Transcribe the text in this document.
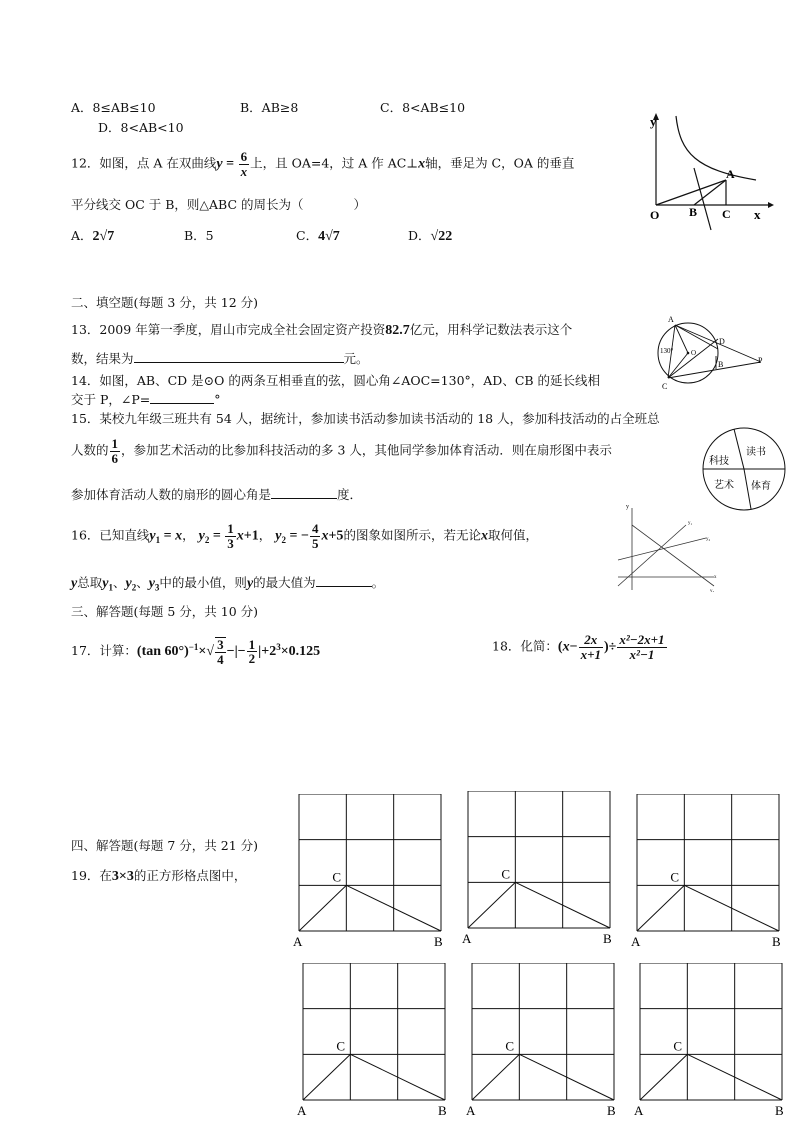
A．8≤AB≤10	B．AB≥8	C．8<AB≤10
D．8<AB<10
12．如图，点 A 在双曲线$y = \frac{6}{x}$ 上，且 OA=4，过 A 作 AC⊥x轴，垂足为 C，OA 的垂直
平分线交 OC 于 B，则△ABC 的周长为（　　　　）
A．2√7	B．5	C．4√7	D．√22
y
x
O
A
B C
二、填空题(每题 3 分，共 12 分)
13．2009 年第一季度，眉山市完成全社会固定资产投资82.7亿元，用科学记数法表示这个
数，结果为	元。
A
D
B
C
P
O
130°
14．如图，AB、CD 是⊙O 的两条互相垂直的弦，圆心角∠AOC=130°，AD、CB 的延长线相
交于 P，∠P=	°
15．某校九年级三班共有 54 人，据统计，参加读书活动参加读书活动的 18 人，参加科技活动的占全班总
人数的 $\frac{1}{6}$ ，参加艺术活动的比参加科技活动的多 3 人，其他同学参加体育活动．则在扇形图中表示
参加体育活动人数的扇形的圆心角是	度．
读书
科技
艺术 体育
16．已知直线$y_1 = x$， $y_2 = \frac{1}{3} x+1$， $y_2$ = − $\frac{4}{5} x+5$的图象如图所示，若无论x取何值，
y总取$y_1$、$y_2$、$y_3$中的最小值，则y的最大值为	。
y
y₁
y₂
y₃
x
三、解答题(每题 5 分，共 10 分)
17．计算：(tan $60^\circ)^{-1}\times√ \frac{3}{4}$ −|− $\frac{1}{2} |+2^3\times 0.125$	18．化简：($x- \frac{2x}{x+1}$ )÷ $\frac{\text{x²−2x+1}}{\text{x²−1}}$
四、解答题(每题 7 分，共 21 分)
19．在3×3的正方形格点图中，
A	B
C
A	B
C
A	B
C
A	B
C
A	B
C
A	B
C
